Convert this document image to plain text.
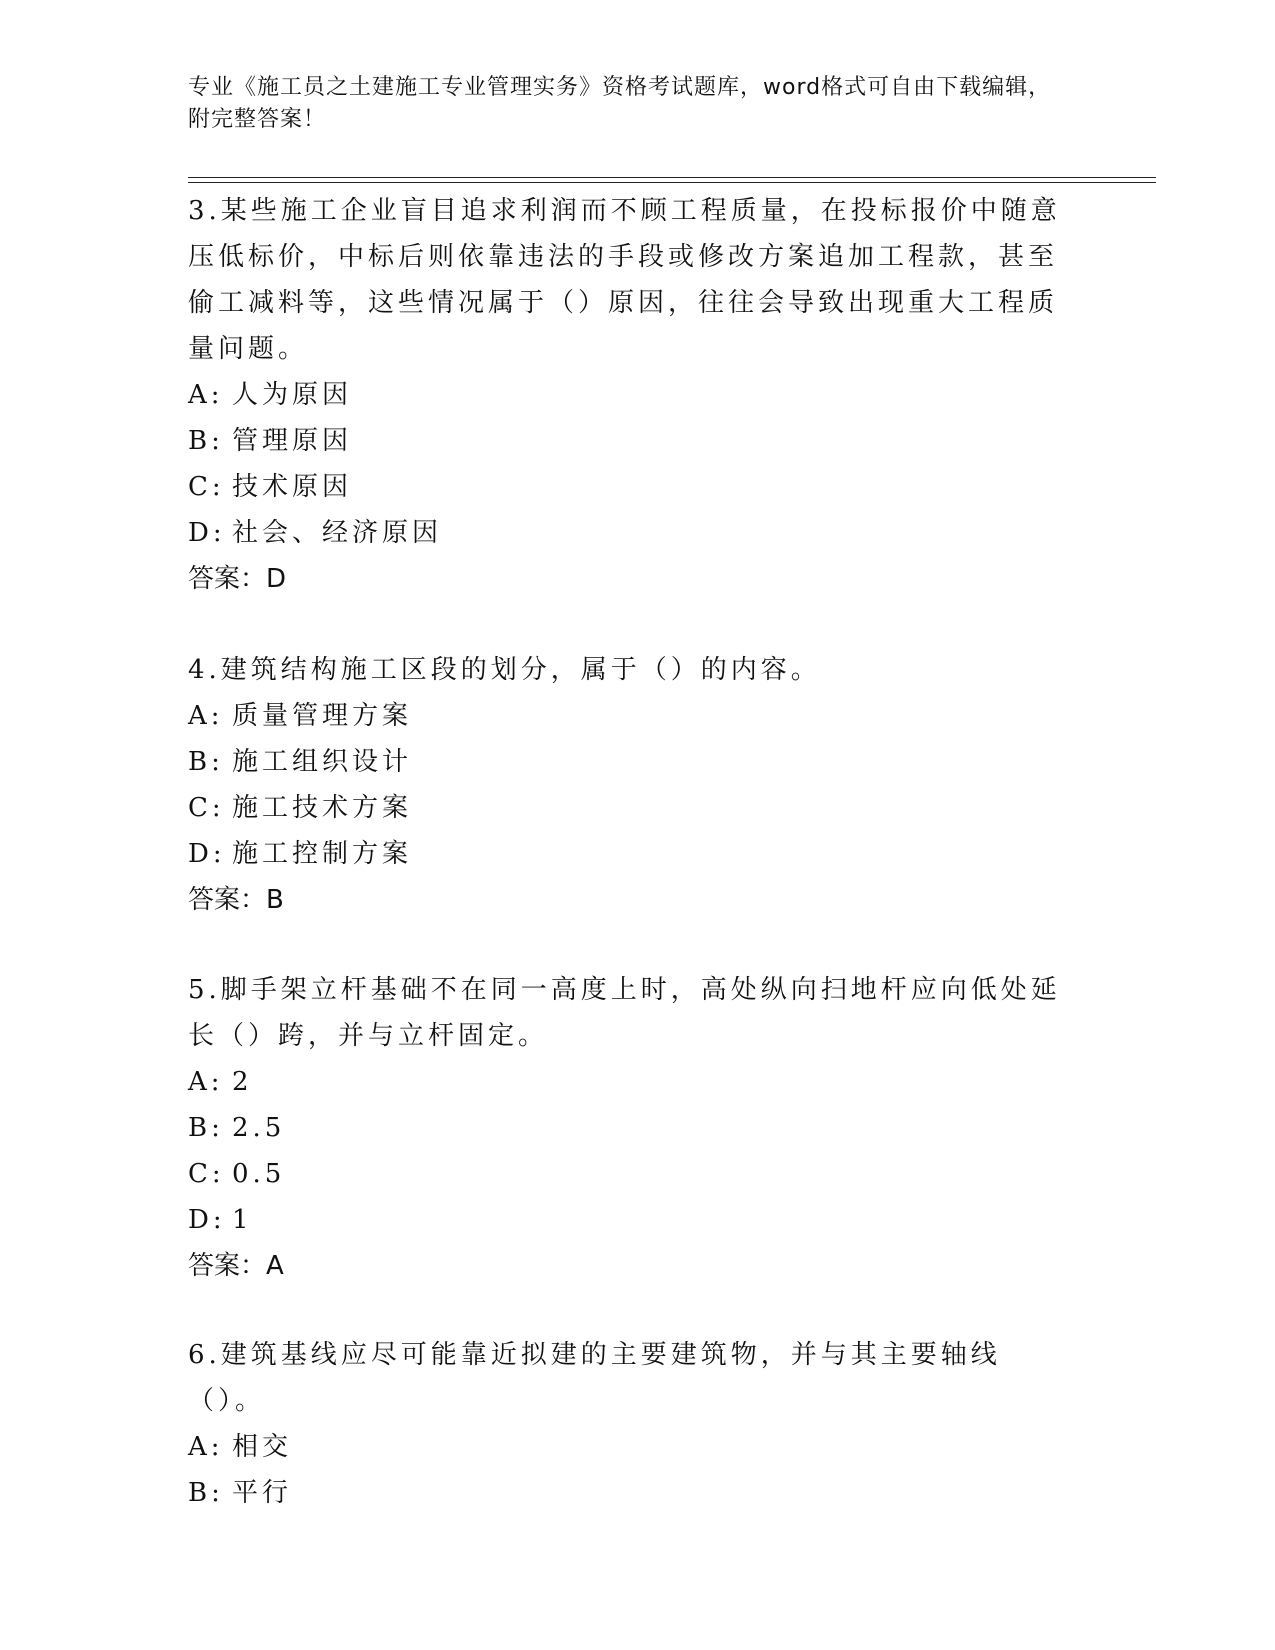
专业《施工员之土建施工专业管理实务》资格考试题库，word格式可自由下载编辑，附完整答案！

3.某些施工企业盲目追求利润而不顾工程质量，在投标报价中随意压低标价，中标后则依靠违法的手段或修改方案追加工程款，甚至偷工减料等，这些情况属于（）原因，往往会导致出现重大工程质量问题。

A: 人为原因
B: 管理原因
C: 技术原因
D: 社会、经济原因
答案：D

4.建筑结构施工区段的划分，属于（）的内容。

A: 质量管理方案
B: 施工组织设计
C: 施工技术方案
D: 施工控制方案
答案：B

5.脚手架立杆基础不在同一高度上时，高处纵向扫地杆应向低处延长（）跨，并与立杆固定。

A: 2
B: 2.5
C: 0.5
D: 1
答案：A

6.建筑基线应尽可能靠近拟建的主要建筑物，并与其主要轴线（）。

A: 相交
B: 平行
